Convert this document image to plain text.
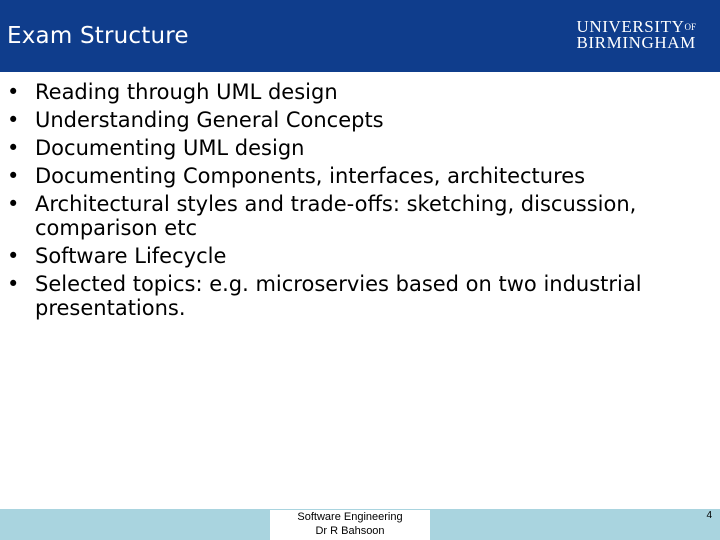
Exam Structure	$UNIVERSITY^{OF}$
BIRMINGHAM
• Reading through UML design
• Understanding General Concepts
• Documenting UML design
• Documenting Components, interfaces, architectures
• Architectural styles and trade-offs: sketching, discussion, comparison etc
• Software Lifecycle
• Selected topics: e.g. microservies based on two industrial presentations.
Software Engineering
Dr R Bahsoon
4
